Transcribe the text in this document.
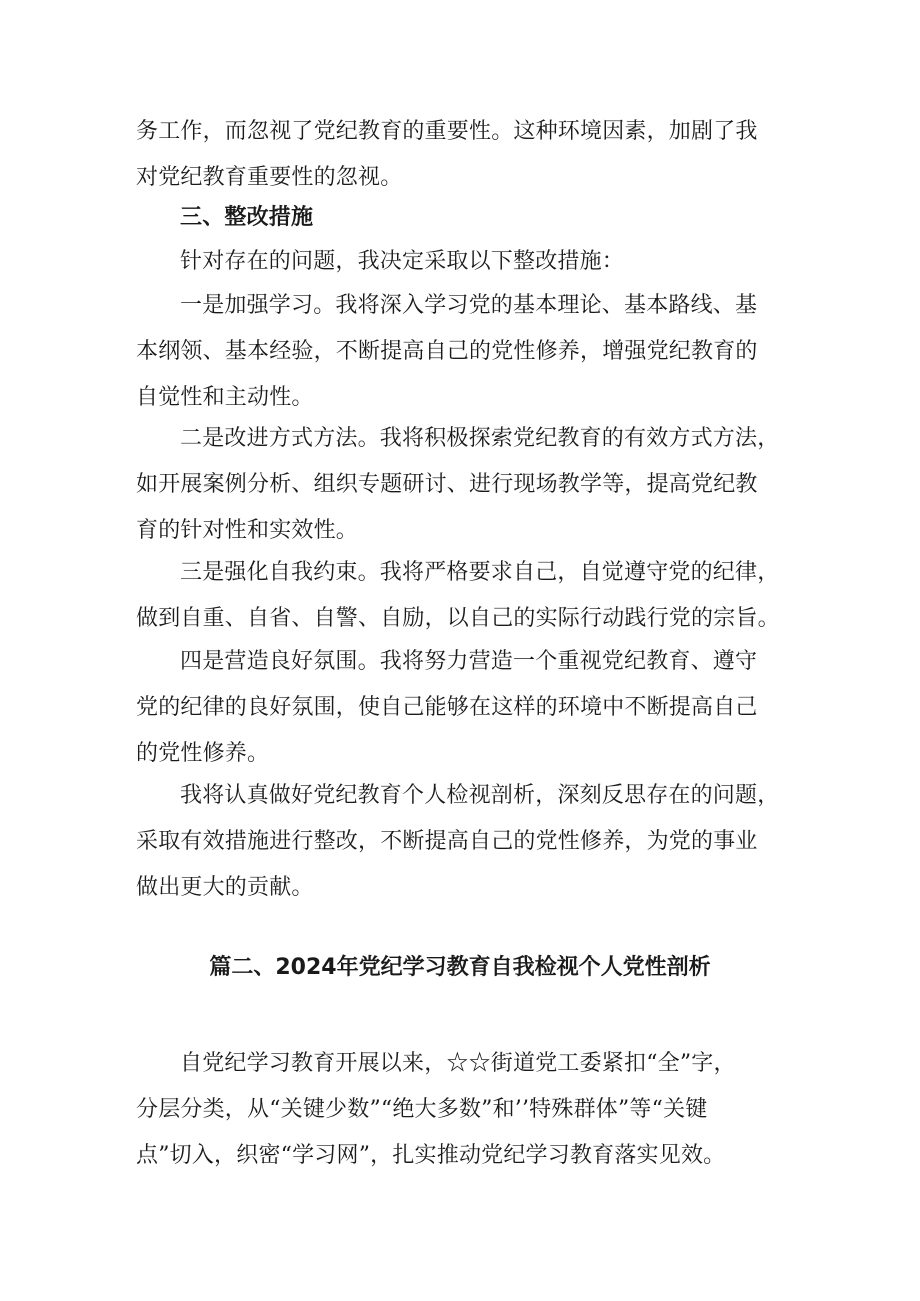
务工作，而忽视了党纪教育的重要性。这种环境因素，加剧了我
对党纪教育重要性的忽视。
三、整改措施
针对存在的问题，我决定采取以下整改措施：
一是加强学习。我将深入学习党的基本理论、基本路线、基
本纲领、基本经验，不断提高自己的党性修养，增强党纪教育的
自觉性和主动性。
二是改进方式方法。我将积极探索党纪教育的有效方式方法，
如开展案例分析、组织专题研讨、进行现场教学等，提高党纪教
育的针对性和实效性。
三是强化自我约束。我将严格要求自己，自觉遵守党的纪律，
做到自重、自省、自警、自励，以自己的实际行动践行党的宗旨。
四是营造良好氛围。我将努力营造一个重视党纪教育、遵守
党的纪律的良好氛围，使自己能够在这样的环境中不断提高自己
的党性修养。
我将认真做好党纪教育个人检视剖析，深刻反思存在的问题，
采取有效措施进行整改，不断提高自己的党性修养，为党的事业
做出更大的贡献。
篇二、2024年党纪学习教育自我检视个人党性剖析
自党纪学习教育开展以来，☆☆街道党工委紧扣“全”字，
分层分类，从“关键少数”“绝大多数”和’’特殊群体”等“关键
点”切入，织密“学习网”，扎实推动党纪学习教育落实见效。
